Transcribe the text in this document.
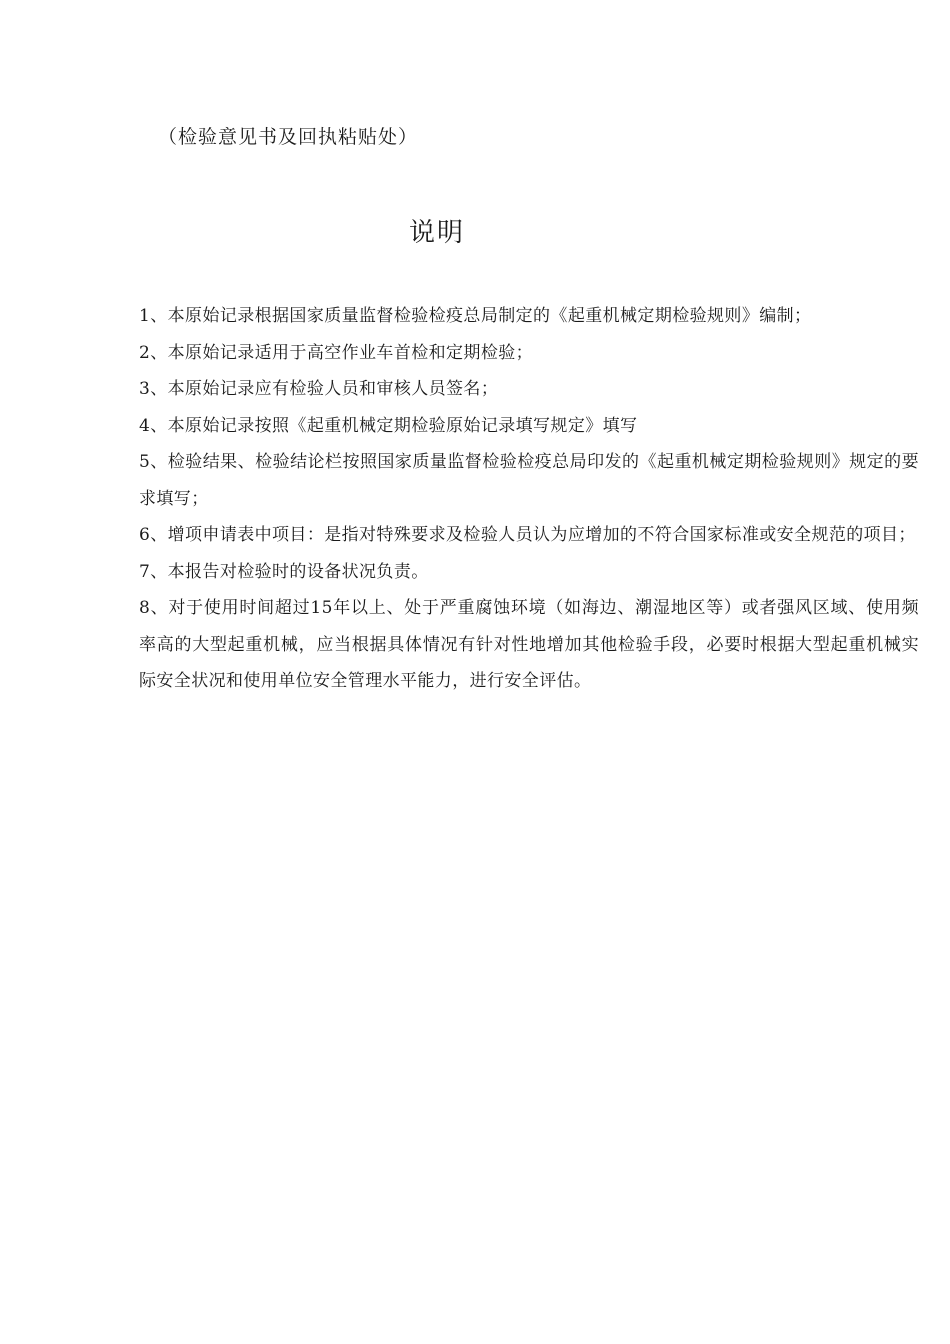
（检验意见书及回执粘贴处）
说明
1、本原始记录根据国家质量监督检验检疫总局制定的《起重机械定期检验规则》编制；
2、本原始记录适用于高空作业车首检和定期检验；
3、本原始记录应有检验人员和审核人员签名；
4、本原始记录按照《起重机械定期检验原始记录填写规定》填写
5、检验结果、检验结论栏按照国家质量监督检验检疫总局印发的《起重机械定期检验规则》规定的要求填写；
6、增项申请表中项目：是指对特殊要求及检验人员认为应增加的不符合国家标准或安全规范的项目；
7、本报告对检验时的设备状况负责。
8、对于使用时间超过15年以上、处于严重腐蚀环境（如海边、潮湿地区等）或者强风区域、使用频率高的大型起重机械，应当根据具体情况有针对性地增加其他检验手段，必要时根据大型起重机械实际安全状况和使用单位安全管理水平能力，进行安全评估。
